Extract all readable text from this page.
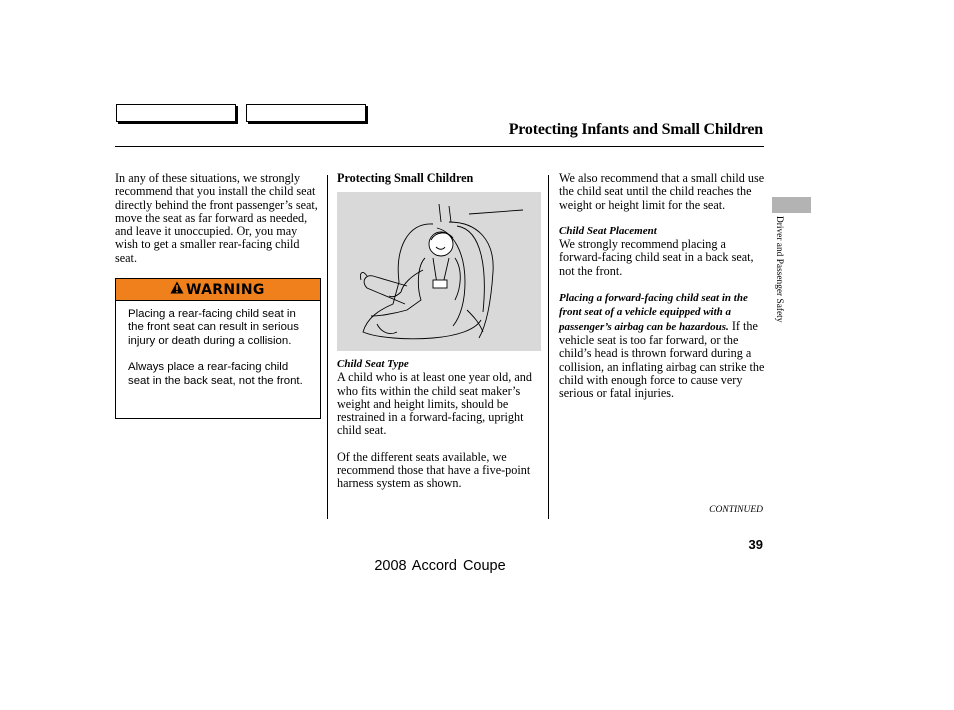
Protecting Infants and Small Children

In any of these situations, we strongly recommend that you install the child seat directly behind the front passenger’s seat, move the seat as far forward as needed, and leave it unoccupied. Or, you may wish to get a smaller rear-facing child seat.

WARNING

Placing a rear-facing child seat in the front seat can result in serious injury or death during a collision.

Always place a rear-facing child seat in the back seat, not the front.

Protecting Small Children

Child Seat Type

A child who is at least one year old, and who fits within the child seat maker’s weight and height limits, should be restrained in a forward-facing, upright child seat.

Of the different seats available, we recommend those that have a five-point harness system as shown.

We also recommend that a small child use the child seat until the child reaches the weight or height limit for the seat.

Child Seat Placement

We strongly recommend placing a forward-facing child seat in a back seat, not the front.

Placing a forward-facing child seat in the front seat of a vehicle equipped with a passenger’s airbag can be hazardous. If the vehicle seat is too far forward, or the child’s head is thrown forward during a collision, an inflating airbag can strike the child with enough force to cause very serious or fatal injuries.

Driver and Passenger Safety
CONTINUED
39
2008 Accord Coupe
